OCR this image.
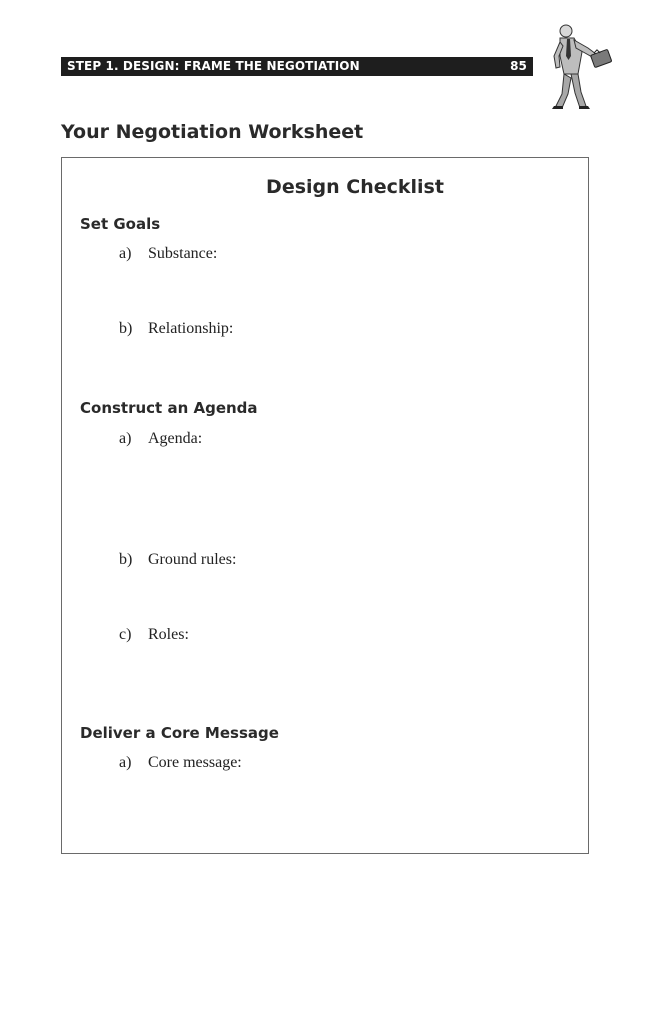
STEP 1. DESIGN: FRAME THE NEGOTIATION	85
Your Negotiation Worksheet
Design Checklist
Set Goals
a)	Substance:
b) Relationship:
Construct an Agenda
a)	Agenda:
b) Ground rules:
c)	Roles:
Deliver a Core Message
a)	Core message:
